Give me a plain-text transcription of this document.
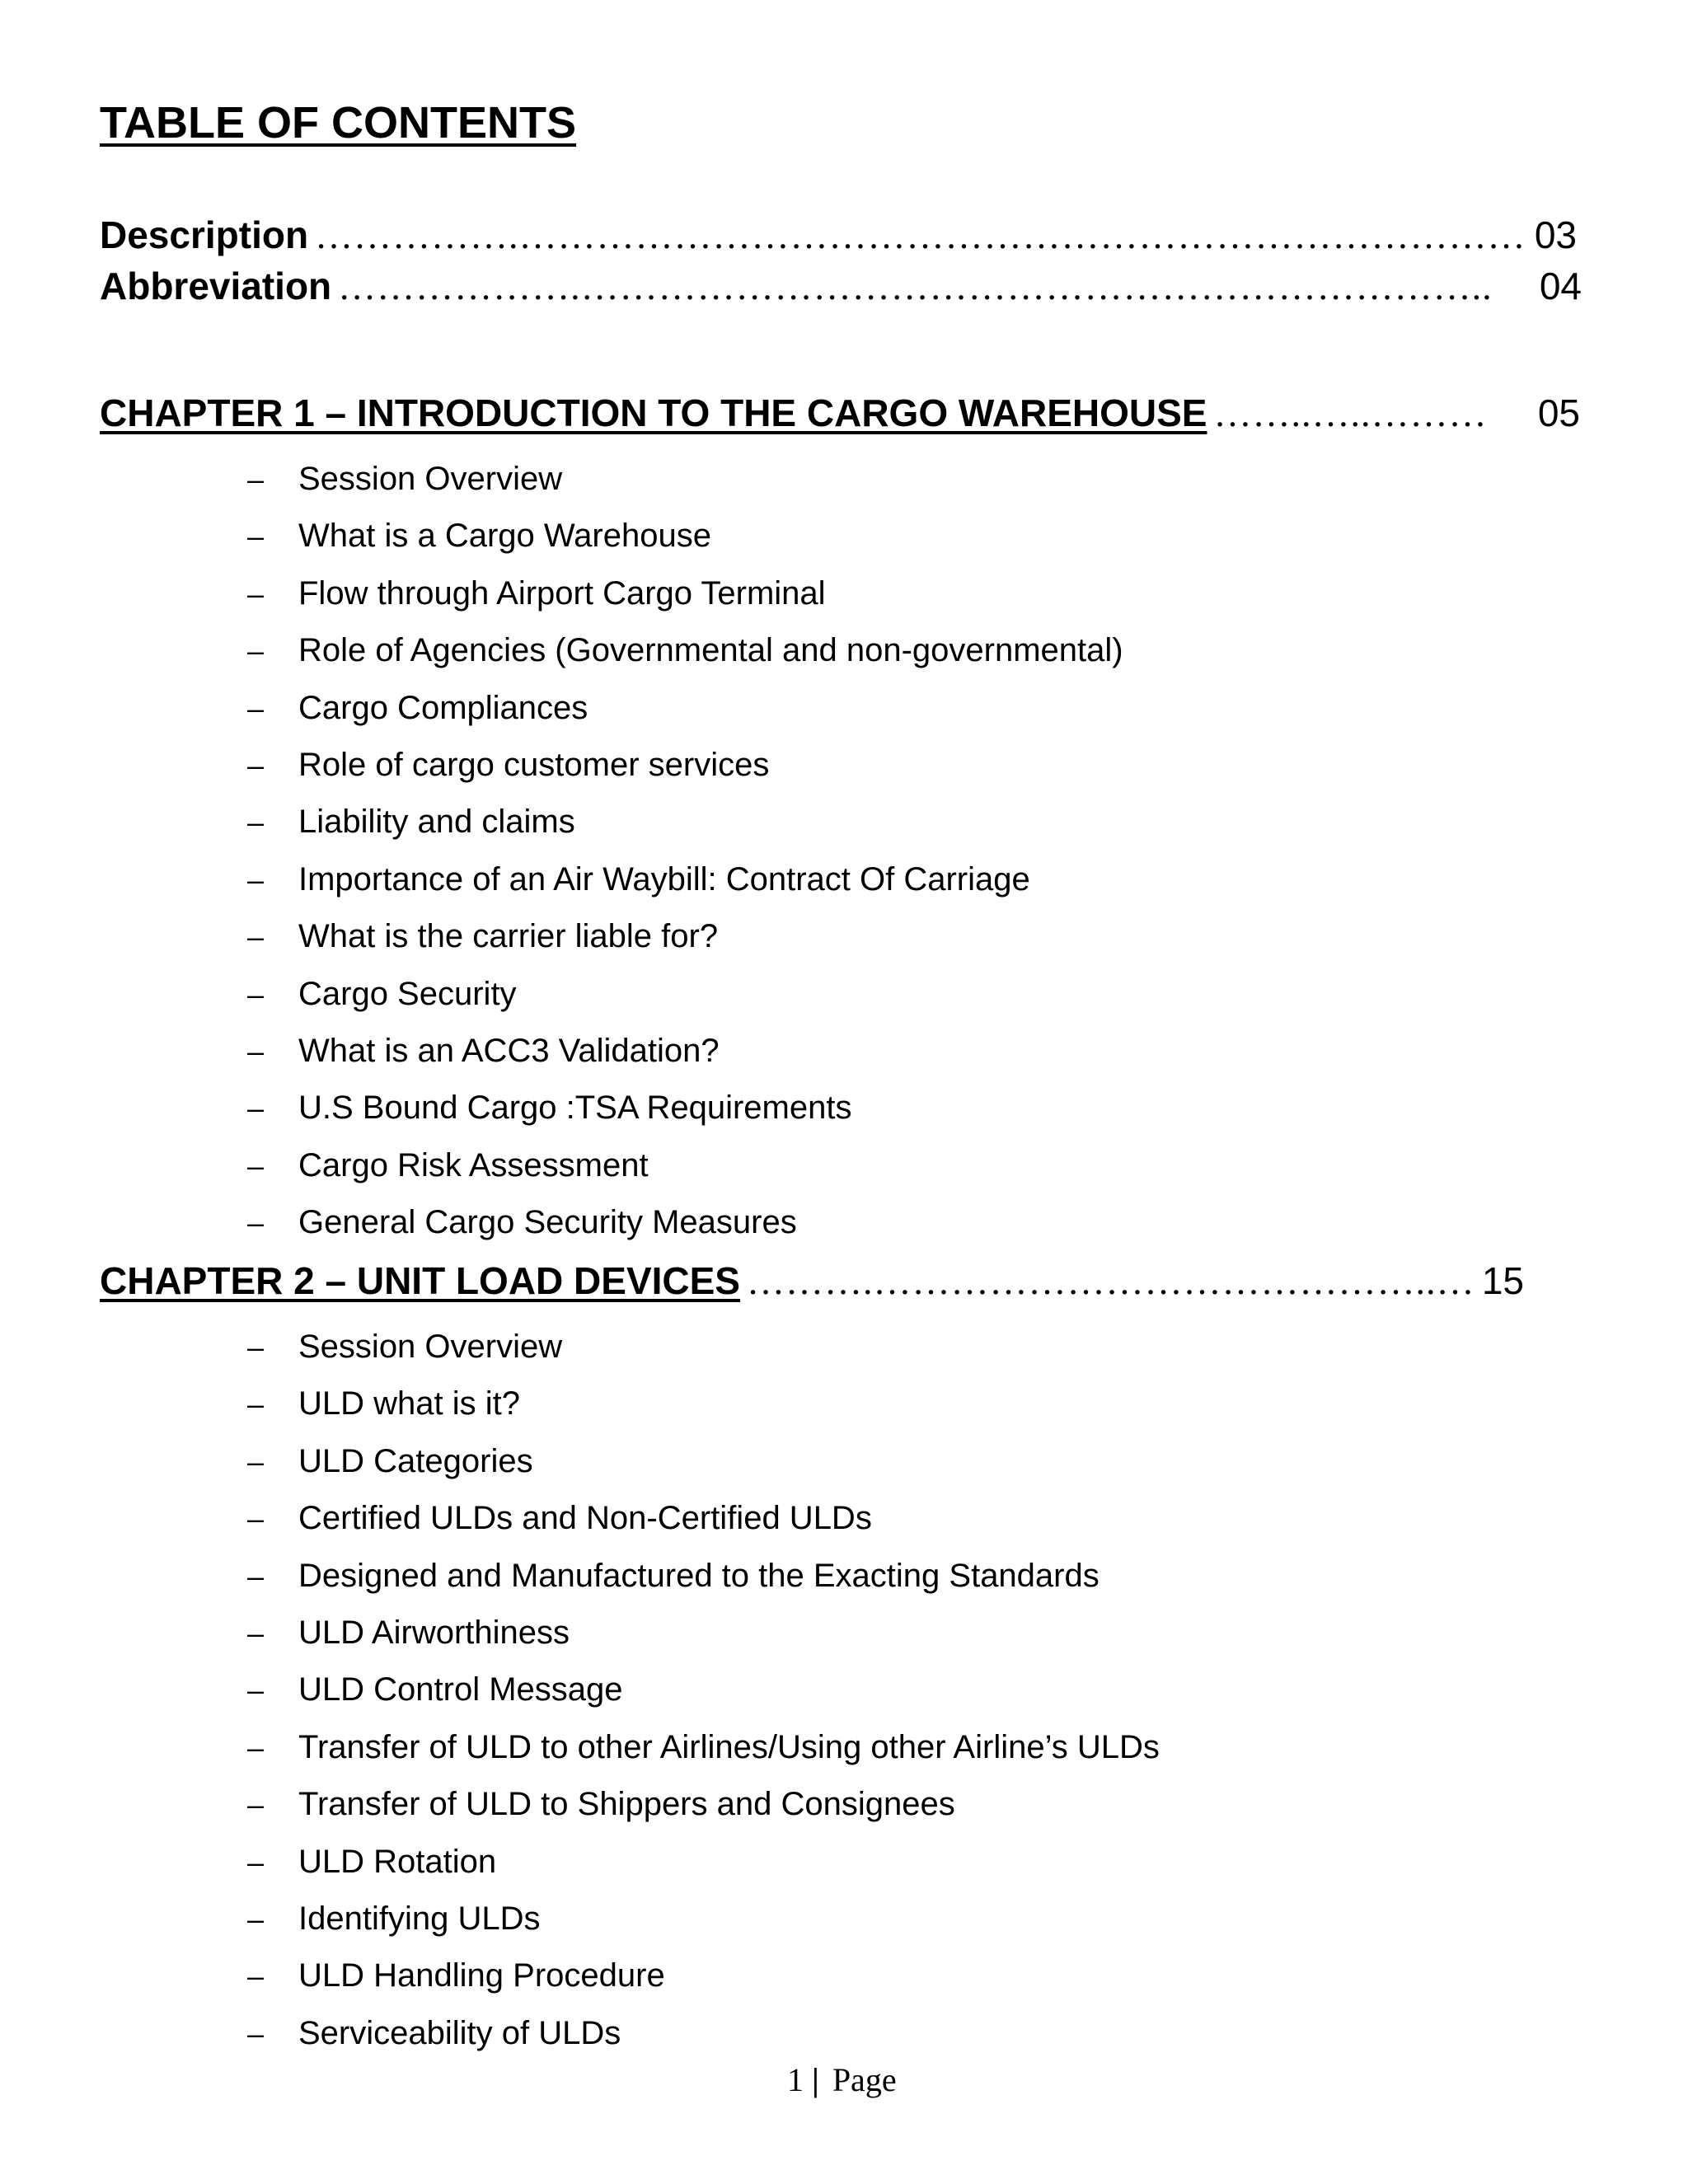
TABLE OF CONTENTS
Description …………….…………………………………………………………………… 03
Abbreviation ……………….……………………………………………………………..	04
CHAPTER 1 – INTRODUCTION TO THE CARGO WAREHOUSE ……..…..………	05
– Session Overview
– What is a Cargo Warehouse
– Flow through Airport Cargo Terminal
– Role of Agencies (Governmental and non-governmental)
– Cargo Compliances
– Role of cargo customer services
– Liability and claims
– Importance of an Air Waybill: Contract Of Carriage
– What is the carrier liable for?
– Cargo Security
– What is an ACC3 Validation?
– U.S Bound Cargo :TSA Requirements
– Cargo Risk Assessment
– General Cargo Security Measures
CHAPTER 2 – UNIT LOAD DEVICES ……….……………………………………..… 15
– Session Overview
– ULD what is it?
– ULD Categories
– Certified ULDs and Non-Certified ULDs
– Designed and Manufactured to the Exacting Standards
– ULD Airworthiness
– ULD Control Message
– Transfer of ULD to other Airlines/Using other Airline’s ULDs
– Transfer of ULD to Shippers and Consignees
– ULD Rotation
– Identifying ULDs
– ULD Handling Procedure
– Serviceability of ULDs
1 | Page
